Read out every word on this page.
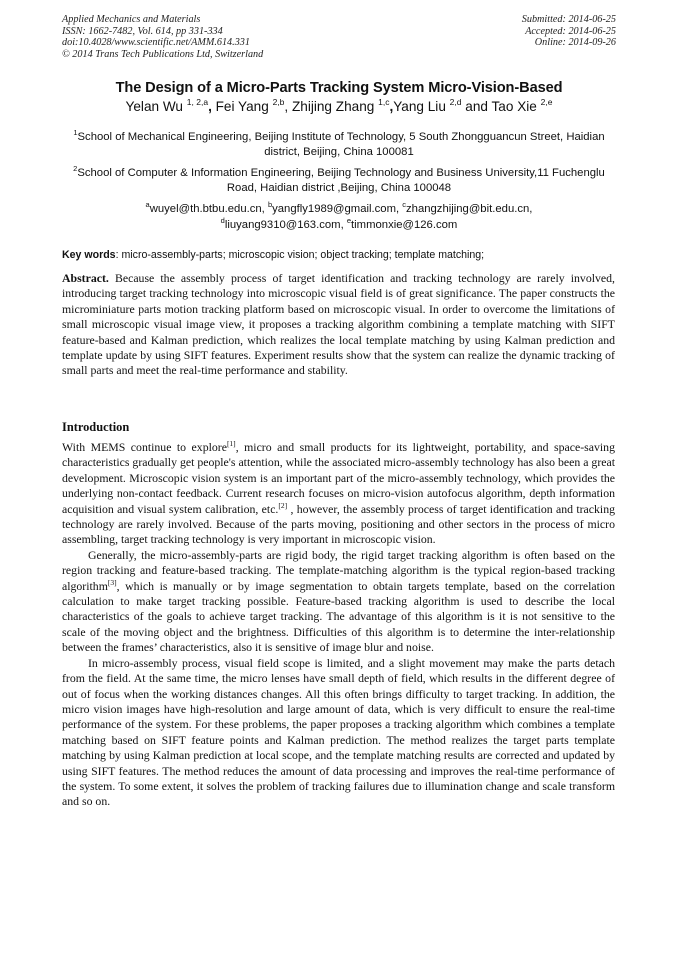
Applied Mechanics and Materials
ISSN: 1662-7482, Vol. 614, pp 331-334
doi:10.4028/www.scientific.net/AMM.614.331
© 2014 Trans Tech Publications Ltd, Switzerland
Submitted: 2014-06-25
Accepted: 2014-06-25
Online: 2014-09-26
The Design of a Micro-Parts Tracking System Micro-Vision-Based
Yelan Wu $^{1, 2,a}$, Fei Yang $^{2,b}$, Zhijing Zhang $^{1,c}$,Yang Liu $^{2,d}$ and Tao Xie $^{2,e}$
$^1$School of Mechanical Engineering, Beijing Institute of Technology, 5 South Zhongguancun Street, Haidian district, Beijing, China 100081
$^2$School of Computer & Information Engineering, Beijing Technology and Business University,11 Fuchenglu Road, Haidian district ,Beijing, China 100048
$^a$wuyel@th.btbu.edu.cn, $^b$yangfly1989@gmail.com, $^c$zhangzhijing@bit.edu.cn,
$^d$liuyang9310@163.com, $^e$timmonxie@126.com
Key words: micro-assembly-parts; microscopic vision; object tracking; template matching;
Abstract. Because the assembly process of target identification and tracking technology are rarely involved, introducing target tracking technology into microscopic visual field is of great significance. The paper constructs the microminiature parts motion tracking platform based on microscopic visual. In order to overcome the limitations of small microscopic visual image view, it proposes a tracking algorithm combining a template matching with SIFT feature-based and Kalman prediction, which realizes the local template matching by using Kalman prediction and template update by using SIFT features. Experiment results show that the system can realize the dynamic tracking of small parts and meet the real-time performance and stability.
Introduction

With MEMS continue to explore[1], micro and small products for its lightweight, portability, and space-saving characteristics gradually get people's attention, while the associated micro-assembly technology has also been a great development. Microscopic vision system is an important part of the micro-assembly technology, which provides the underlying non-contact feedback. Current research focuses on micro-vision autofocus algorithm, depth information acquisition and visual system calibration, etc.[2] , however, the assembly process of target identification and tracking technology are rarely involved. Because of the parts moving, positioning and other sectors in the process of micro assembling, target tracking technology is very important in microscopic vision.

Generally, the micro-assembly-parts are rigid body, the rigid target tracking algorithm is often based on the region tracking and feature-based tracking. The template-matching algorithm is the typical region-based tracking algorithm[3], which is manually or by image segmentation to obtain targets template, based on the correlation calculation to make target tracking possible. Feature-based tracking algorithm is used to describe the local characteristics of the goals to achieve target tracking. The advantage of this algorithm is it is not sensitive to the scale of the moving object and the brightness. Difficulties of this algorithm is to determine the inter-relationship between the frames’ characteristics, also it is sensitive of image blur and noise.

In micro-assembly process, visual field scope is limited, and a slight movement may make the parts detach from the field. At the same time, the micro lenses have small depth of field, which results in the different degree of out of focus when the working distances changes. All this often brings difficulty to target tracking. In addition, the micro vision images have high-resolution and large amount of data, which is very difficult to ensure the real-time performance of the system. For these problems, the paper proposes a tracking algorithm which combines a template matching based on SIFT feature points and Kalman prediction. The method realizes the target parts template matching by using Kalman prediction at local scope, and the template matching results are corrected and updated by using SIFT features. The method reduces the amount of data processing and improves the real-time performance of the system. To some extent, it solves the problem of tracking failures due to illumination change and scale transform and so on.
